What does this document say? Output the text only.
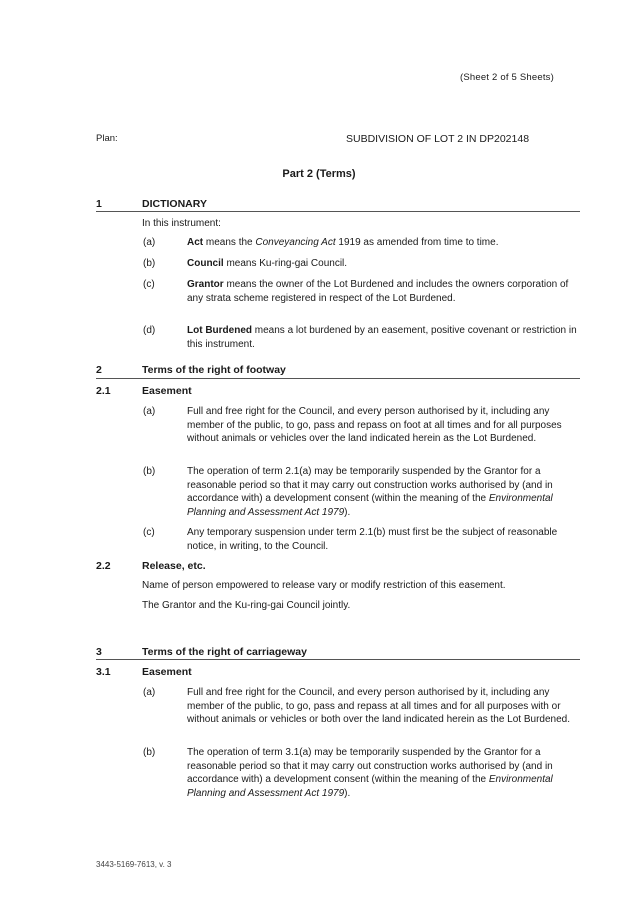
(Sheet 2 of 5 Sheets)
Plan:	SUBDIVISION OF LOT 2 IN DP202148
Part 2 (Terms)
1	DICTIONARY
In this instrument:
(a)	Act means the Conveyancing Act 1919 as amended from time to time.
(b)	Council means Ku-ring-gai Council.
(c)	Grantor means the owner of the Lot Burdened and includes the owners corporation of any strata scheme registered in respect of the Lot Burdened.
(d)	Lot Burdened means a lot burdened by an easement, positive covenant or restriction in this instrument.
2	Terms of the right of footway
2.1	Easement
(a)	Full and free right for the Council, and every person authorised by it, including any member of the public, to go, pass and repass on foot at all times and for all purposes without animals or vehicles over the land indicated herein as the Lot Burdened.
(b)	The operation of term 2.1(a) may be temporarily suspended by the Grantor for a reasonable period so that it may carry out construction works authorised by (and in accordance with) a development consent (within the meaning of the Environmental Planning and Assessment Act 1979).
(c)	Any temporary suspension under term 2.1(b) must first be the subject of reasonable notice, in writing, to the Council.
2.2	Release, etc.
Name of person empowered to release vary or modify restriction of this easement.
The Grantor and the Ku-ring-gai Council jointly.
3	Terms of the right of carriageway
3.1	Easement
(a)	Full and free right for the Council, and every person authorised by it, including any member of the public, to go, pass and repass at all times and for all purposes with or without animals or vehicles or both over the land indicated herein as the Lot Burdened.
(b)	The operation of term 3.1(a) may be temporarily suspended by the Grantor for a reasonable period so that it may carry out construction works authorised by (and in accordance with) a development consent (within the meaning of the Environmental Planning and Assessment Act 1979).
3443-5169-7613, v. 3
